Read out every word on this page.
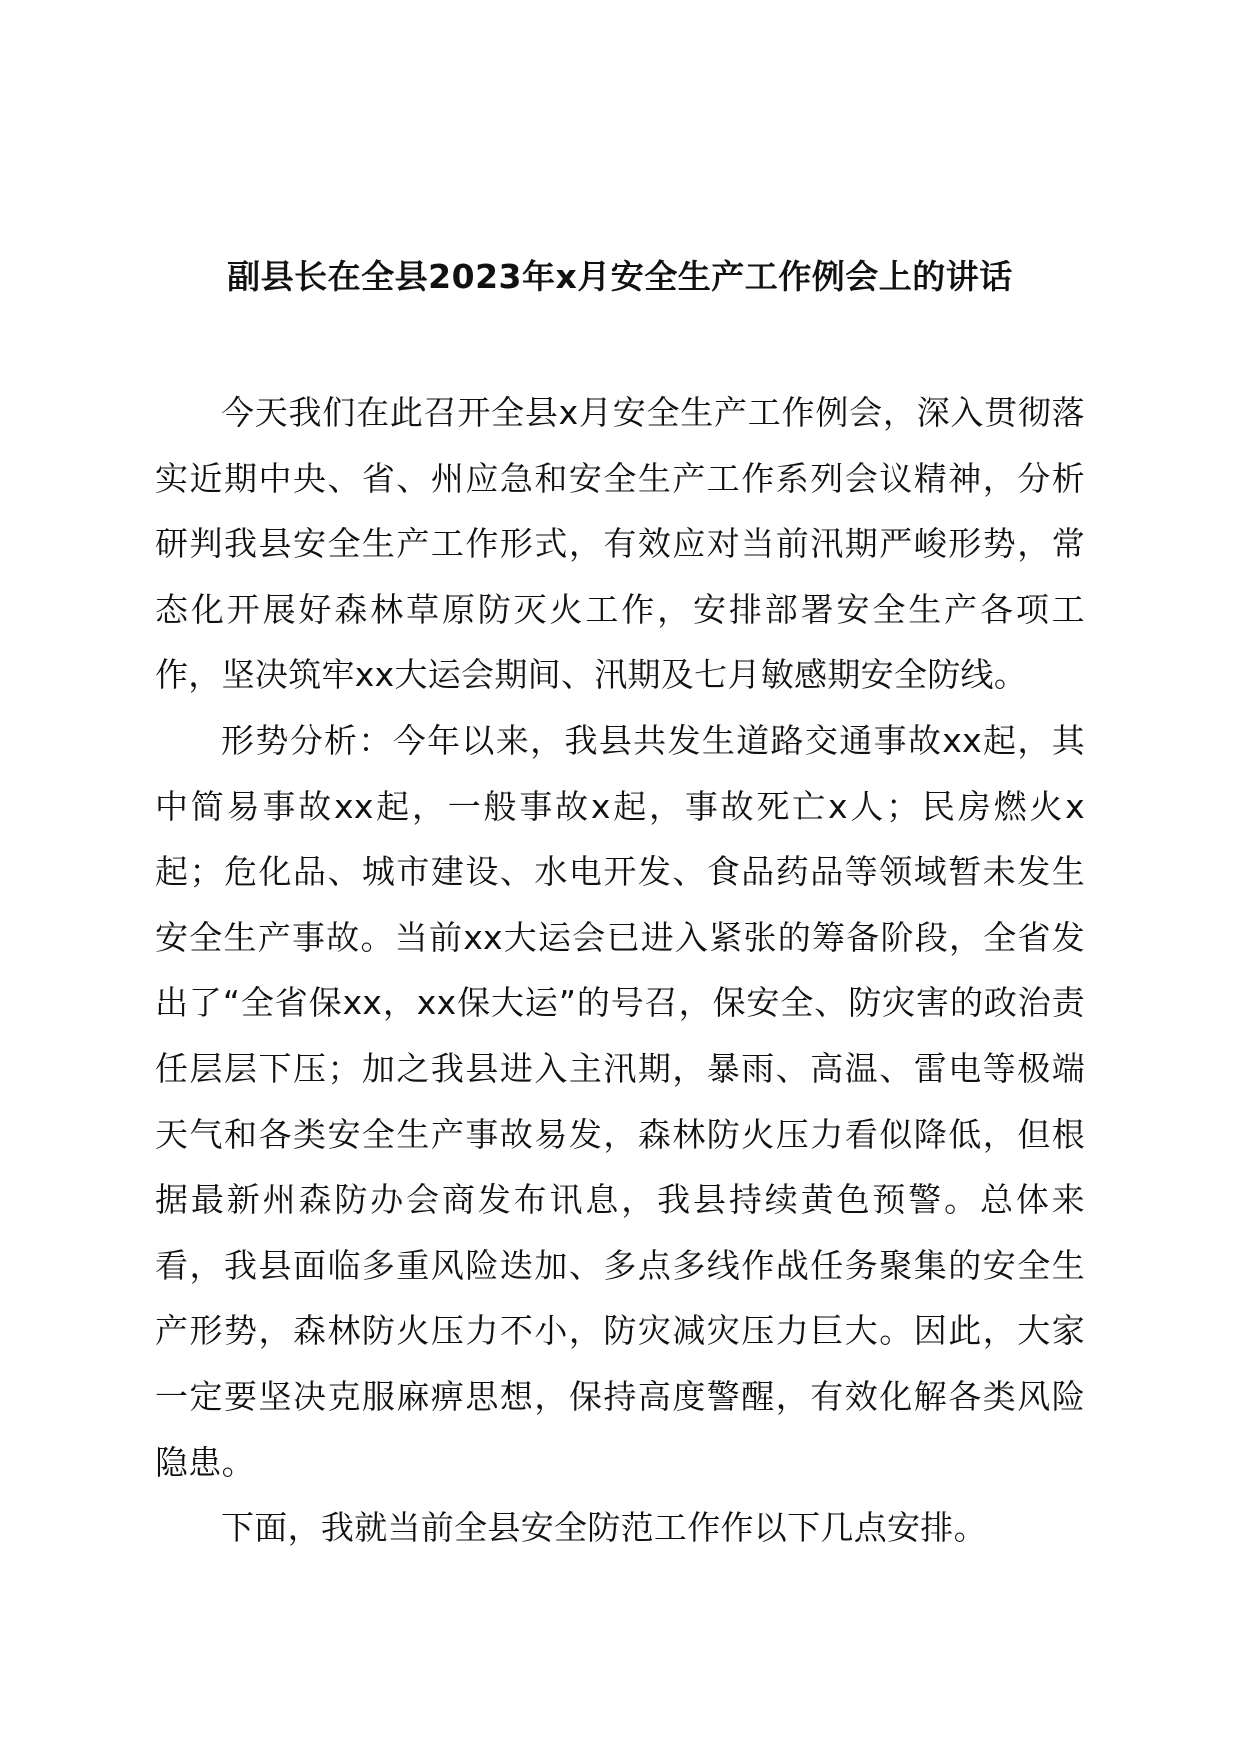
副县长在全县2023年x月安全生产工作例会上的讲话

今天我们在此召开全县x月安全生产工作例会，深入贯彻落实近期中央、省、州应急和安全生产工作系列会议精神，分析研判我县安全生产工作形式，有效应对当前汛期严峻形势，常态化开展好森林草原防灭火工作，安排部署安全生产各项工作，坚决筑牢xx大运会期间、汛期及七月敏感期安全防线。

形势分析：今年以来，我县共发生道路交通事故xx起，其中简易事故xx起，一般事故x起，事故死亡x人；民房燃火x起；危化品、城市建设、水电开发、食品药品等领域暂未发生安全生产事故。当前xx大运会已进入紧张的筹备阶段，全省发出了“全省保xx，xx保大运”的号召，保安全、防灾害的政治责任层层下压；加之我县进入主汛期，暴雨、高温、雷电等极端天气和各类安全生产事故易发，森林防火压力看似降低，但根据最新州森防办会商发布讯息，我县持续黄色预警。总体来看，我县面临多重风险迭加、多点多线作战任务聚集的安全生产形势，森林防火压力不小，防灾减灾压力巨大。因此，大家一定要坚决克服麻痹思想，保持高度警醒，有效化解各类风险隐患。

下面，我就当前全县安全防范工作作以下几点安排。
